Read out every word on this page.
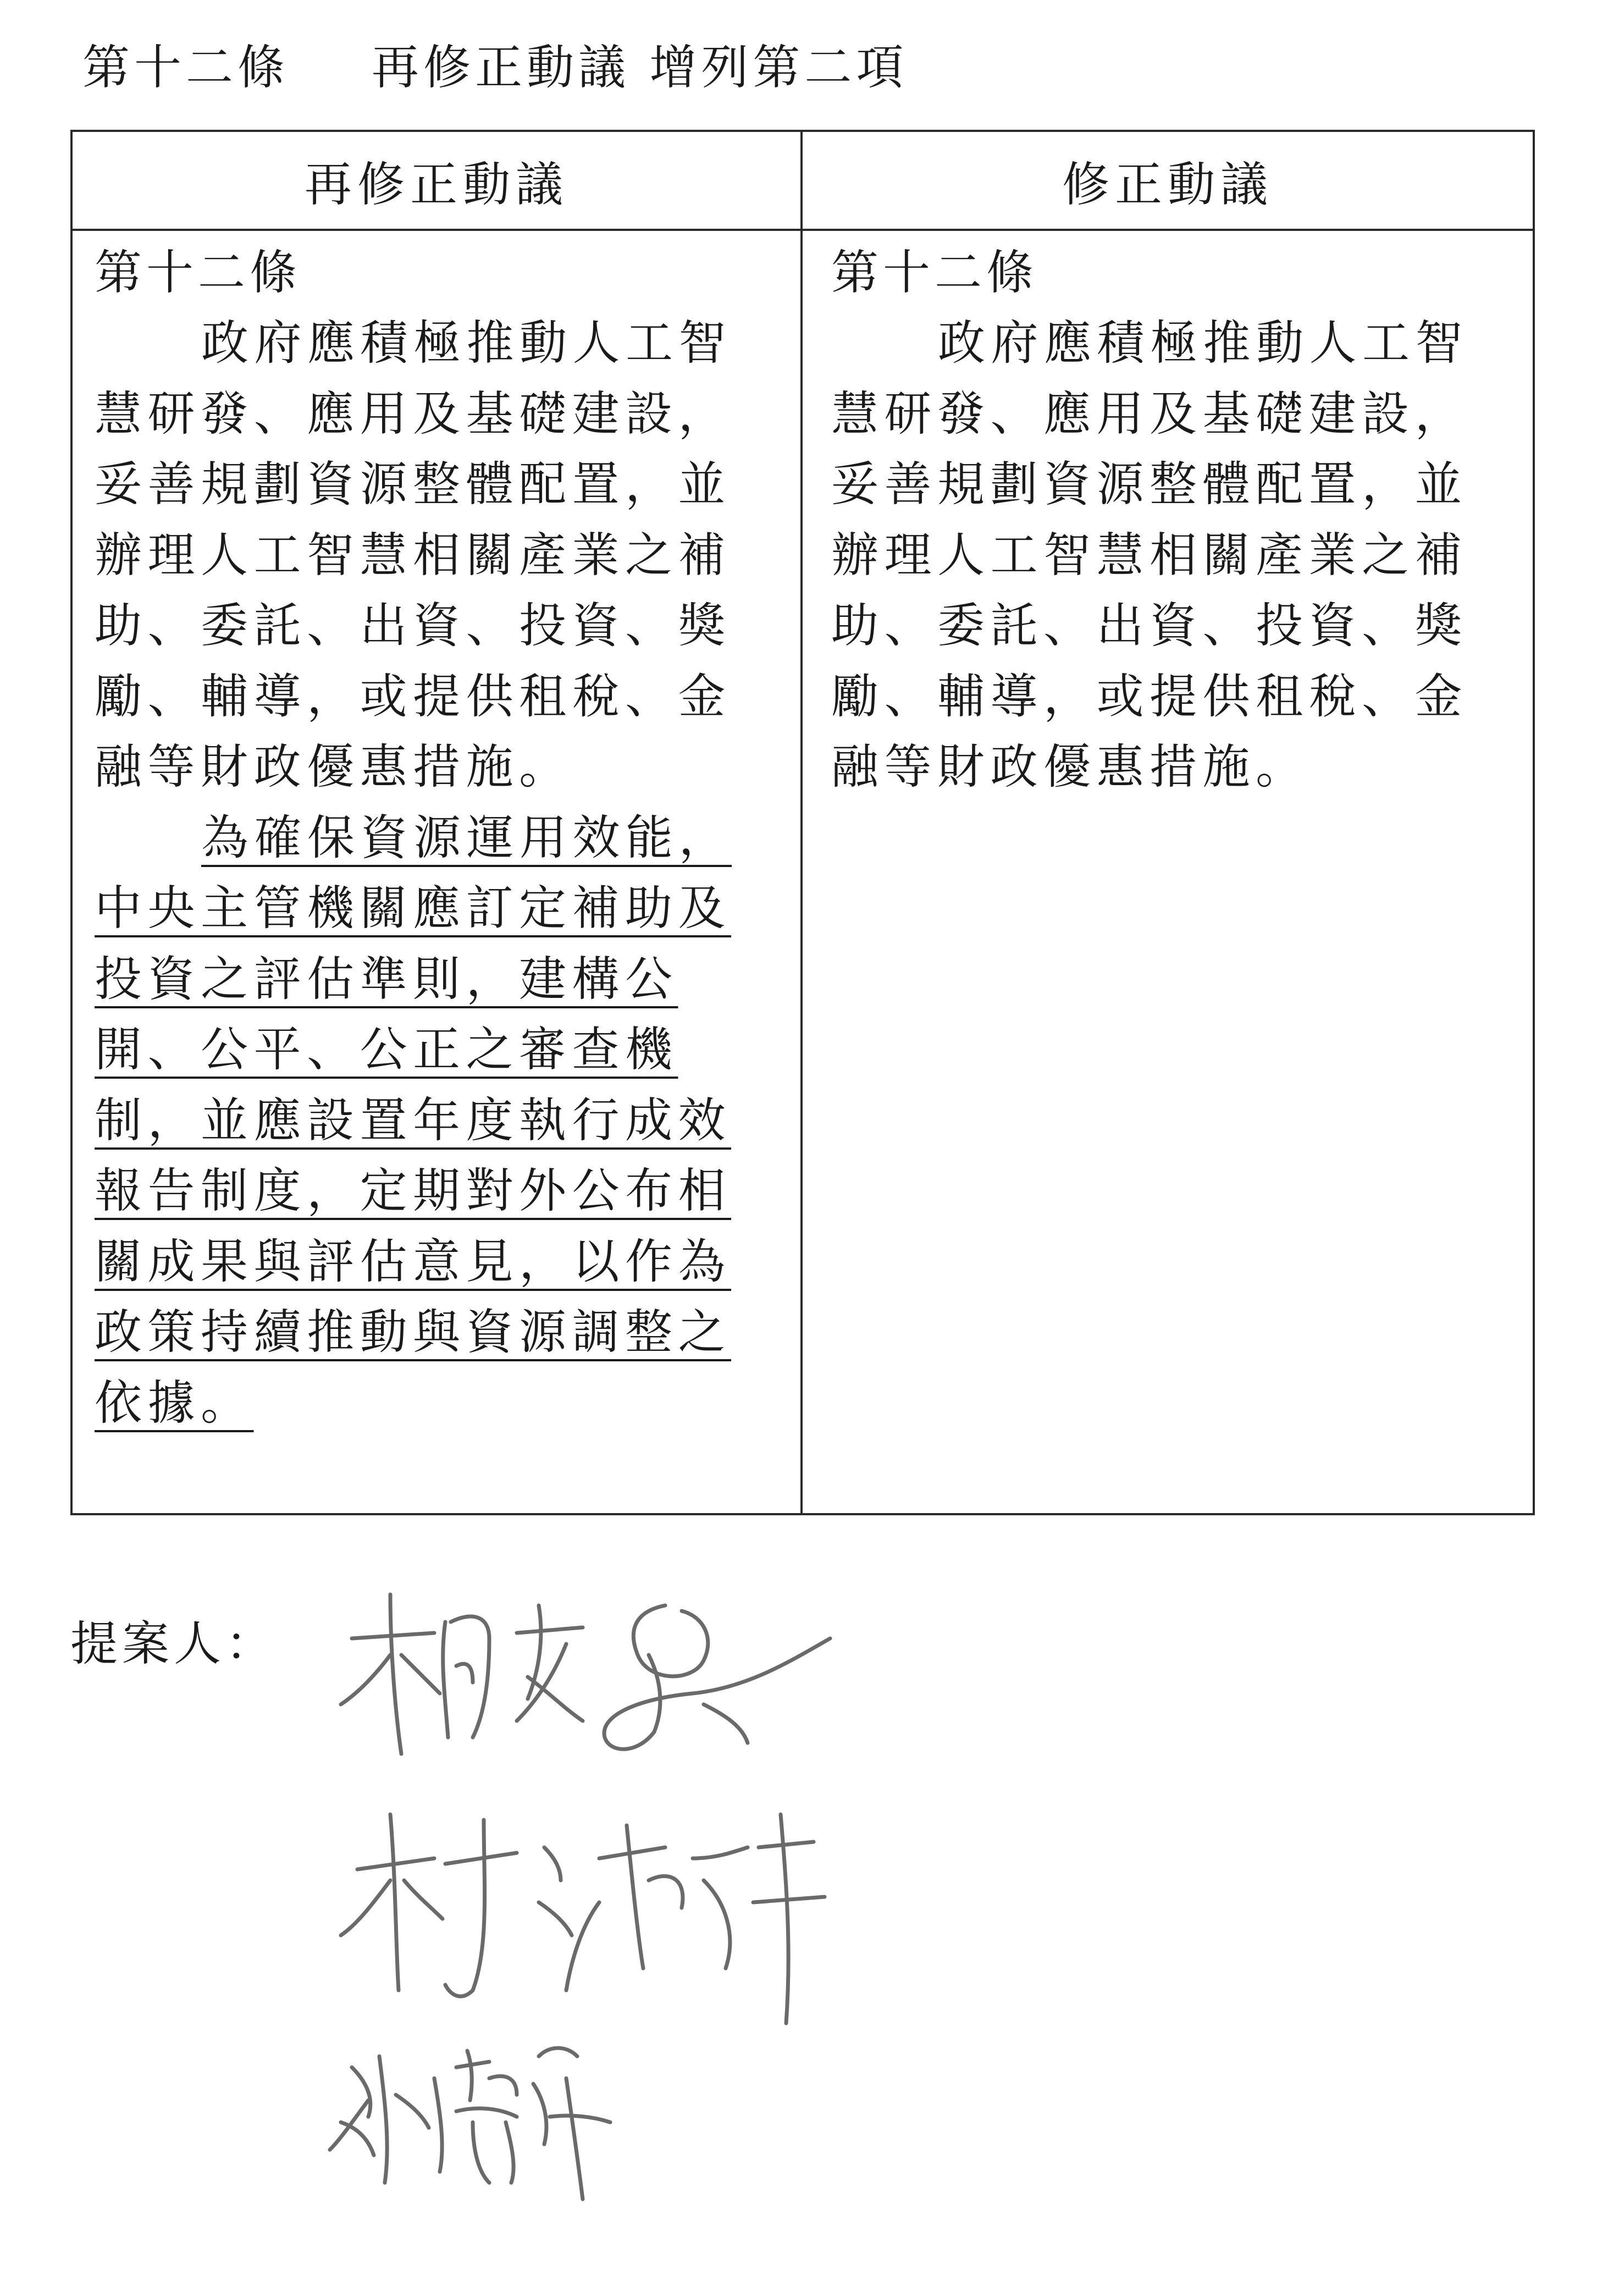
第十二條 再修正動議 增列第二項
再修正動議	修正動議
第十二條

政府應積極推動人工智慧研發、應用及基礎建設，妥善規劃資源整體配置，並辦理人工智慧相關產業之補助、委託、出資、投資、獎勵、輔導，或提供租稅、金融等財政優惠措施。

為確保資源運用效能，中央主管機關應訂定補助及投資之評估準則，建構公開、公平、公正之審查機制，並應設置年度執行成效報告制度，定期對外公布相關成果與評估意見，以作為政策持續推動與資源調整之依據。

第十二條

政府應積極推動人工智慧研發、應用及基礎建設，妥善規劃資源整體配置，並辦理人工智慧相關產業之補助、委託、出資、投資、獎勵、輔導，或提供租稅、金融等財政優惠措施。

提案人：
